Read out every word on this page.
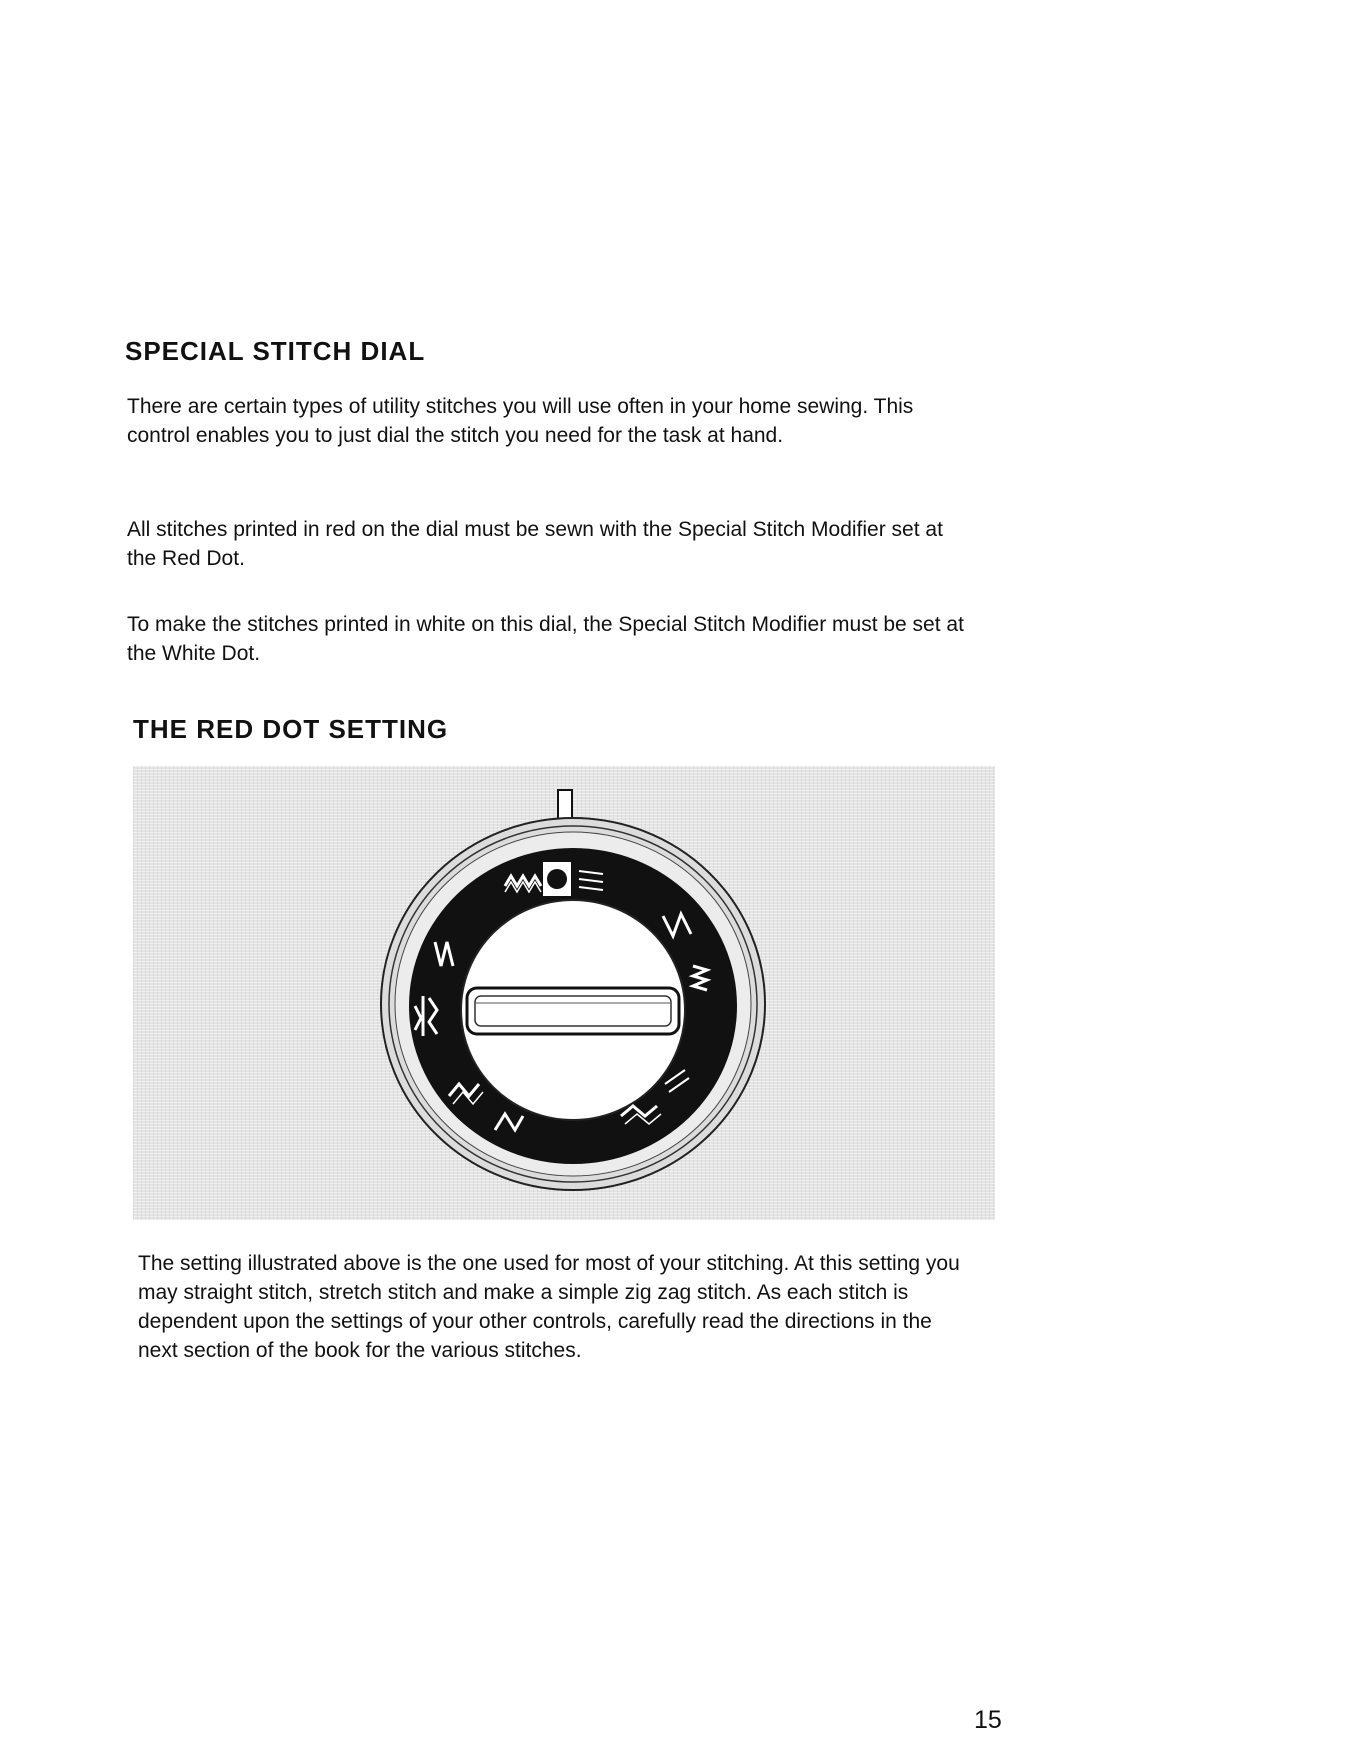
SPECIAL STITCH DIAL

There are certain types of utility stitches you will use often in your home sewing. This control enables you to just dial the stitch you need for the task at hand.

All stitches printed in red on the dial must be sewn with the Special Stitch Modifier set at the Red Dot.

To make the stitches printed in white on this dial, the Special Stitch Modifier must be set at the White Dot.

THE RED DOT SETTING

The setting illustrated above is the one used for most of your stitching. At this setting you may straight stitch, stretch stitch and make a simple zig zag stitch. As each stitch is dependent upon the settings of your other controls, carefully read the directions in the next section of the book for the various stitches.

15
